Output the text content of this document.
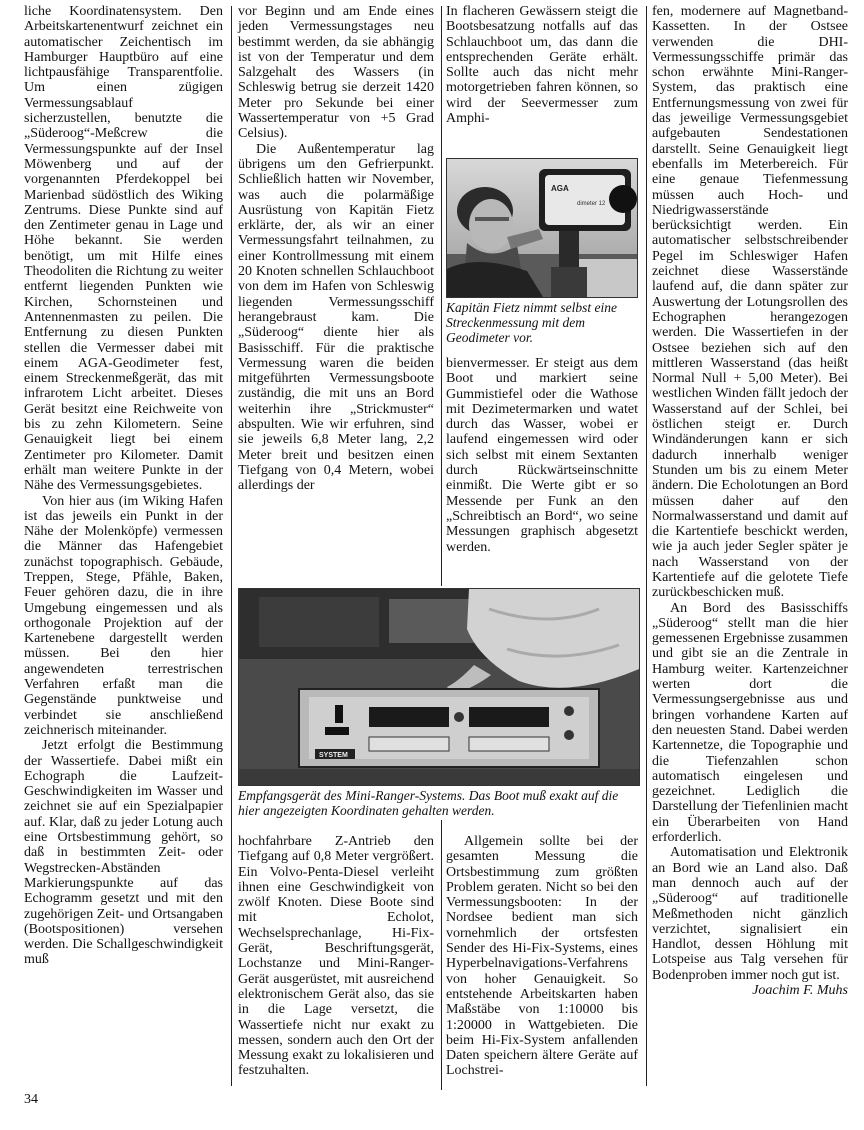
liche Koordinatensystem. Den Arbeitskartenentwurf zeichnet ein automatischer Zeichentisch im Hamburger Hauptbüro auf eine lichtpausfähige Transparentfolie. Um einen zügigen Vermessungsablauf sicherzustellen, benutzte die „Süderoog“-Meßcrew die Vermessungspunkte auf der Insel Möwenberg und auf der vorgenannten Pferdekoppel bei Marienbad südöstlich des Wiking Zentrums. Diese Punkte sind auf den Zentimeter genau in Lage und Höhe bekannt. Sie werden benötigt, um mit Hilfe eines Theodoliten die Richtung zu weiter entfernt liegenden Punkten wie Kirchen, Schornsteinen und Antennenmasten zu peilen. Die Entfernung zu diesen Punkten stellen die Vermesser dabei mit einem AGA-Geodimeter fest, einem Streckenmeßgerät, das mit infrarotem Licht arbeitet. Dieses Gerät besitzt eine Reichweite von bis zu zehn Kilometern. Seine Genauigkeit liegt bei einem Zentimeter pro Kilometer. Damit erhält man weitere Punkte in der Nähe des Vermessungsgebietes.

Von hier aus (im Wiking Hafen ist das jeweils ein Punkt in der Nähe der Molenköpfe) vermessen die Männer das Hafengebiet zunächst topographisch. Gebäude, Treppen, Stege, Pfähle, Baken, Feuer gehören dazu, die in ihre Umgebung eingemessen und als orthogonale Projektion auf der Kartenebene dargestellt werden müssen. Bei den hier angewendeten terrestrischen Verfahren erfaßt man die Gegenstände punktweise und verbindet sie anschließend zeichnerisch miteinander.

Jetzt erfolgt die Bestimmung der Wassertiefe. Dabei mißt ein Echograph die Laufzeit-Geschwindigkeiten im Wasser und zeichnet sie auf ein Spezialpapier auf. Klar, daß zu jeder Lotung auch eine Ortsbestimmung gehört, so daß in bestimmten Zeit- oder Wegstrecken-Abständen Markierungspunkte auf das Echogramm gesetzt und mit den zugehörigen Zeit- und Ortsangaben (Bootspositionen) versehen werden. Die Schallgeschwindigkeit muß

vor Beginn und am Ende eines jeden Vermessungstages neu bestimmt werden, da sie abhängig ist von der Temperatur und dem Salzgehalt des Wassers (in Schleswig betrug sie derzeit 1420 Meter pro Sekunde bei einer Wassertemperatur von +5 Grad Celsius).

Die Außentemperatur lag übrigens um den Gefrierpunkt. Schließlich hatten wir November, was auch die polarmäßige Ausrüstung von Kapitän Fietz erklärte, der, als wir an einer Vermessungsfahrt teilnahmen, zu einer Kontrollmessung mit einem 20 Knoten schnellen Schlauchboot von dem im Hafen von Schleswig liegenden Vermessungsschiff herangebraust kam. Die „Süderoog“ diente hier als Basisschiff. Für die praktische Vermessung waren die beiden mitgeführten Vermessungsboote zuständig, die mit uns an Bord weiterhin ihre „Strickmuster“ abspulten. Wie wir erfuhren, sind sie jeweils 6,8 Meter lang, 2,2 Meter breit und besitzen einen Tiefgang von 0,4 Metern, wobei allerdings der

In flacheren Gewässern steigt die Bootsbesatzung notfalls auf das Schlauchboot um, das dann die entsprechenden Geräte erhält. Sollte auch das nicht mehr motorgetrieben fahren können, so wird der Seevermesser zum Amphi-

AGA
dimeter 12
Kapitän Fietz nimmt selbst eine Streckenmessung mit dem Geodimeter vor.

bienvermesser. Er steigt aus dem Boot und markiert seine Gummistiefel oder die Wathose mit Dezimetermarken und watet durch das Wasser, wobei er laufend eingemessen wird oder sich selbst mit einem Sextanten durch Rückwärtseinschnitte einmißt. Die Werte gibt er so Messende per Funk an den „Schreibtisch an Bord“, wo seine Messungen graphisch abgesetzt werden.

SYSTEM
Empfangsgerät des Mini-Ranger-Systems. Das Boot muß exakt auf die hier angezeigten Koordinaten gehalten werden.

hochfahrbare Z-Antrieb den Tiefgang auf 0,8 Meter vergrößert. Ein Volvo-Penta-Diesel verleiht ihnen eine Geschwindigkeit von zwölf Knoten. Diese Boote sind mit Echolot, Wechselsprechanlage, Hi-Fix-Gerät, Beschriftungsgerät, Lochstanze und Mini-Ranger-Gerät ausgerüstet, mit ausreichend elektronischem Gerät also, das sie in die Lage versetzt, die Wassertiefe nicht nur exakt zu messen, sondern auch den Ort der Messung exakt zu lokalisieren und festzuhalten.

Allgemein sollte bei der gesamten Messung die Ortsbestimmung zum größten Problem geraten. Nicht so bei den Vermessungsbooten: In der Nordsee bedient man sich vornehmlich der ortsfesten Sender des Hi-Fix-Systems, eines Hyperbelnavigations-Verfahrens von hoher Genauigkeit. So entstehende Arbeitskarten haben Maßstäbe von 1:10000 bis 1:20000 in Wattgebieten. Die beim Hi-Fix-System anfallenden Daten speichern ältere Geräte auf Lochstrei-

fen, modernere auf Magnetband-Kassetten. In der Ostsee verwenden die DHI-Vermessungsschiffe primär das schon erwähnte Mini-Ranger-System, das praktisch eine Entfernungsmessung von zwei für das jeweilige Vermessungsgebiet aufgebauten Sendestationen darstellt. Seine Genauigkeit liegt ebenfalls im Meterbereich. Für eine genaue Tiefenmessung müssen auch Hoch- und Niedrigwasserstände berücksichtigt werden. Ein automatischer selbstschreibender Pegel im Schleswiger Hafen zeichnet diese Wasserstände laufend auf, die dann später zur Auswertung der Lotungsrollen des Echographen herangezogen werden. Die Wassertiefen in der Ostsee beziehen sich auf den mittleren Wasserstand (das heißt Normal Null + 5,00 Meter). Bei westlichen Winden fällt jedoch der Wasserstand auf der Schlei, bei östlichen steigt er. Durch Windänderungen kann er sich dadurch innerhalb weniger Stunden um bis zu einem Meter ändern. Die Echolotungen an Bord müssen daher auf den Normalwasserstand und damit auf die Kartentiefe beschickt werden, wie ja auch jeder Segler später je nach Wasserstand von der Kartentiefe auf die gelotete Tiefe zurückbeschicken muß.

An Bord des Basisschiffs „Süderoog“ stellt man die hier gemessenen Ergebnisse zusammen und gibt sie an die Zentrale in Hamburg weiter. Kartenzeichner werten dort die Vermessungsergebnisse aus und bringen vorhandene Karten auf den neuesten Stand. Dabei werden Kartennetze, die Topographie und die Tiefenzahlen schon automatisch eingelesen und gezeichnet. Lediglich die Darstellung der Tiefenlinien macht ein Überarbeiten von Hand erforderlich.

Automatisation und Elektronik an Bord wie an Land also. Daß man dennoch auch auf der „Süderoog“ auf traditionelle Meßmethoden nicht gänzlich verzichtet, signalisiert ein Handlot, dessen Höhlung mit Lotspeise aus Talg versehen für Bodenproben immer noch gut ist.

Joachim F. Muhs
34
